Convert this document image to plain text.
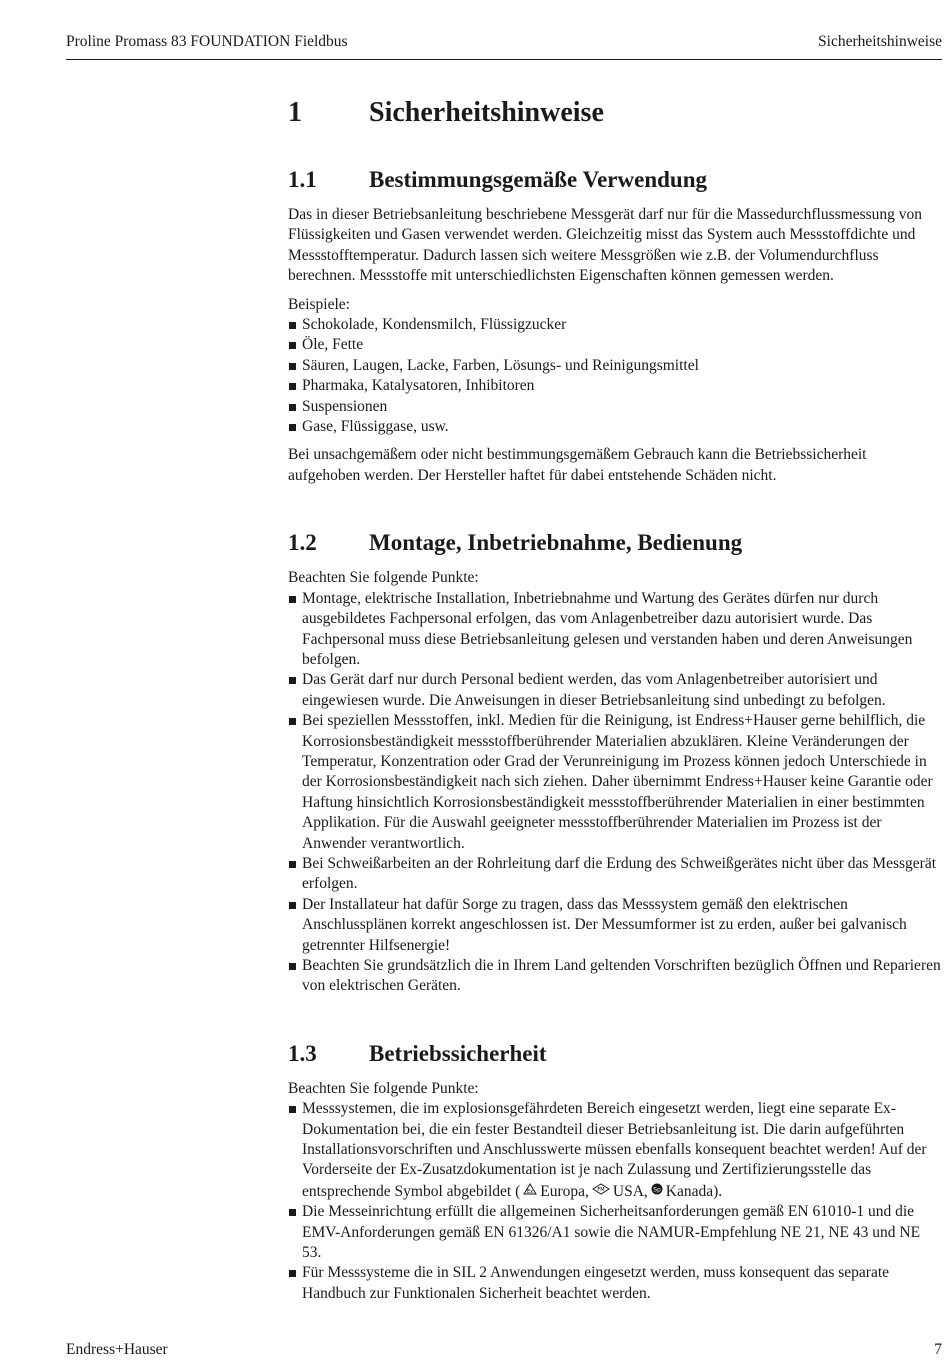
Proline Promass 83 FOUNDATION Fieldbus	Sicherheitshinweise
1	Sicherheitshinweise
1.1	Bestimmungsgemäße Verwendung

Das in dieser Betriebsanleitung beschriebene Messgerät darf nur für die Massedurchflussmessung von Flüssigkeiten und Gasen verwendet werden. Gleichzeitig misst das System auch Messstoffdichte und Messstofftemperatur. Dadurch lassen sich weitere Messgrößen wie z.B. der Volumendurchfluss berechnen. Messstoffe mit unterschiedlichsten Eigenschaften können gemessen werden.

Beispiele:

Schokolade, Kondensmilch, Flüssigzucker
Öle, Fette
Säuren, Laugen, Lacke, Farben, Lösungs- und Reinigungsmittel
Pharmaka, Katalysatoren, Inhibitoren
Suspensionen
Gase, Flüssiggase, usw.

Bei unsachgemäßem oder nicht bestimmungsgemäßem Gebrauch kann die Betriebssicherheit aufgehoben werden. Der Hersteller haftet für dabei entstehende Schäden nicht.

1.2	Montage, Inbetriebnahme, Bedienung

Beachten Sie folgende Punkte:

Montage, elektrische Installation, Inbetriebnahme und Wartung des Gerätes dürfen nur durch ausgebildetes Fachpersonal erfolgen, das vom Anlagenbetreiber dazu autorisiert wurde. Das Fachpersonal muss diese Betriebsanleitung gelesen und verstanden haben und deren Anweisungen befolgen.
Das Gerät darf nur durch Personal bedient werden, das vom Anlagenbetreiber autorisiert und eingewiesen wurde. Die Anweisungen in dieser Betriebsanleitung sind unbedingt zu befolgen.
Bei speziellen Messstoffen, inkl. Medien für die Reinigung, ist Endress+Hauser gerne behilflich, die Korrosionsbeständigkeit messstoffberührender Materialien abzuklären. Kleine Veränderungen der Temperatur, Konzentration oder Grad der Verunreinigung im Prozess können jedoch Unterschiede in der Korrosionsbeständigkeit nach sich ziehen. Daher übernimmt Endress+Hauser keine Garantie oder Haftung hinsichtlich Korrosionsbeständigkeit messstoffberührender Materialien in einer bestimmten Applikation. Für die Auswahl geeigneter messstoffberührender Materialien im Prozess ist der Anwender verantwortlich.
Bei Schweißarbeiten an der Rohrleitung darf die Erdung des Schweißgerätes nicht über das Messgerät erfolgen.
Der Installateur hat dafür Sorge zu tragen, dass das Messsystem gemäß den elektrischen Anschlussplänen korrekt angeschlossen ist. Der Messumformer ist zu erden, außer bei galvanisch getrennter Hilfsenergie!
Beachten Sie grundsätzlich die in Ihrem Land geltenden Vorschriften bezüglich Öffnen und Reparieren von elektrischen Geräten.
1.3	Betriebssicherheit

Beachten Sie folgende Punkte:

Messsystemen, die im explosionsgefährdeten Bereich eingesetzt werden, liegt eine separate Ex-Dokumentation bei, die ein fester Bestandteil dieser Betriebsanleitung ist. Die darin aufgeführten Installationsvorschriften und Anschlusswerte müssen ebenfalls konsequent beachtet werden! Auf der Vorderseite der Ex-Zusatzdokumentation ist je nach Zulassung und Zertifizierungsstelle das entsprechende Symbol abgebildet ( Ex Europa, FM USA, Sp Kanada).
Die Messeinrichtung erfüllt die allgemeinen Sicherheitsanforderungen gemäß EN 61010-1 und die EMV-Anforderungen gemäß EN 61326/A1 sowie die NAMUR-Empfehlung NE 21, NE 43 und NE 53.
Für Messsysteme die in SIL 2 Anwendungen eingesetzt werden, muss konsequent das separate Handbuch zur Funktionalen Sicherheit beachtet werden.
Endress+Hauser	7
